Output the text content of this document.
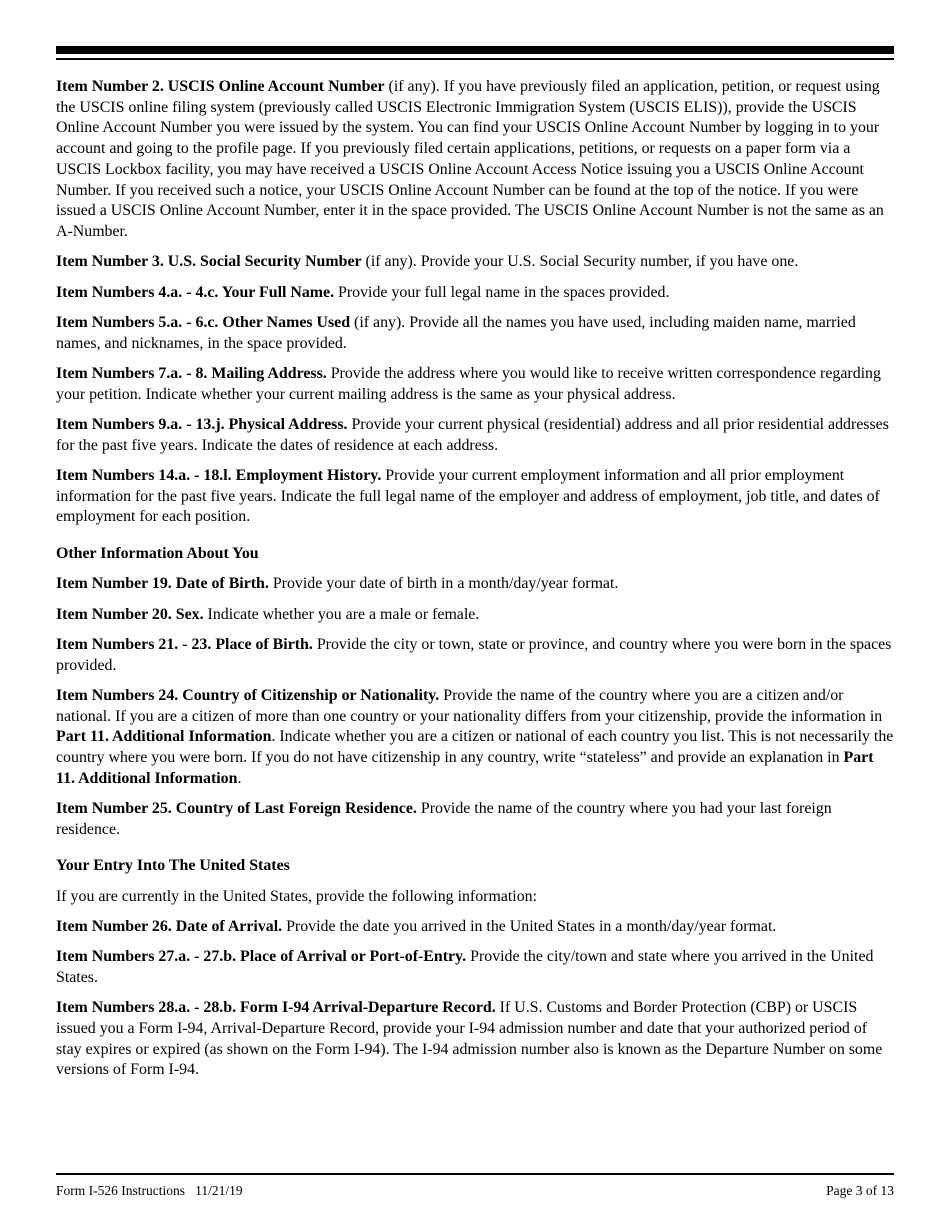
Item Number 2. USCIS Online Account Number (if any). If you have previously filed an application, petition, or request using the USCIS online filing system (previously called USCIS Electronic Immigration System (USCIS ELIS)), provide the USCIS Online Account Number you were issued by the system. You can find your USCIS Online Account Number by logging in to your account and going to the profile page. If you previously filed certain applications, petitions, or requests on a paper form via a USCIS Lockbox facility, you may have received a USCIS Online Account Access Notice issuing you a USCIS Online Account Number. If you received such a notice, your USCIS Online Account Number can be found at the top of the notice. If you were issued a USCIS Online Account Number, enter it in the space provided. The USCIS Online Account Number is not the same as an A-Number.

Item Number 3. U.S. Social Security Number (if any). Provide your U.S. Social Security number, if you have one.

Item Numbers 4.a. - 4.c. Your Full Name. Provide your full legal name in the spaces provided.

Item Numbers 5.a. - 6.c. Other Names Used (if any). Provide all the names you have used, including maiden name, married names, and nicknames, in the space provided.

Item Numbers 7.a. - 8. Mailing Address. Provide the address where you would like to receive written correspondence regarding your petition. Indicate whether your current mailing address is the same as your physical address.

Item Numbers 9.a. - 13.j. Physical Address. Provide your current physical (residential) address and all prior residential addresses for the past five years. Indicate the dates of residence at each address.

Item Numbers 14.a. - 18.l. Employment History. Provide your current employment information and all prior employment information for the past five years. Indicate the full legal name of the employer and address of employment, job title, and dates of employment for each position.

Other Information About You

Item Number 19. Date of Birth. Provide your date of birth in a month/day/year format.

Item Number 20. Sex. Indicate whether you are a male or female.

Item Numbers 21. - 23. Place of Birth. Provide the city or town, state or province, and country where you were born in the spaces provided.

Item Numbers 24. Country of Citizenship or Nationality. Provide the name of the country where you are a citizen and/or national. If you are a citizen of more than one country or your nationality differs from your citizenship, provide the information in Part 11. Additional Information. Indicate whether you are a citizen or national of each country you list. This is not necessarily the country where you were born. If you do not have citizenship in any country, write “stateless” and provide an explanation in Part 11. Additional Information.

Item Number 25. Country of Last Foreign Residence. Provide the name of the country where you had your last foreign residence.

Your Entry Into The United States

If you are currently in the United States, provide the following information:

Item Number 26. Date of Arrival. Provide the date you arrived in the United States in a month/day/year format.

Item Numbers 27.a. - 27.b. Place of Arrival or Port-of-Entry. Provide the city/town and state where you arrived in the United States.

Item Numbers 28.a. - 28.b. Form I-94 Arrival-Departure Record. If U.S. Customs and Border Protection (CBP) or USCIS issued you a Form I-94, Arrival-Departure Record, provide your I-94 admission number and date that your authorized period of stay expires or expired (as shown on the Form I-94). The I-94 admission number also is known as the Departure Number on some versions of Form I-94.

Form I-526 Instructions   11/21/19	Page 3 of 13
